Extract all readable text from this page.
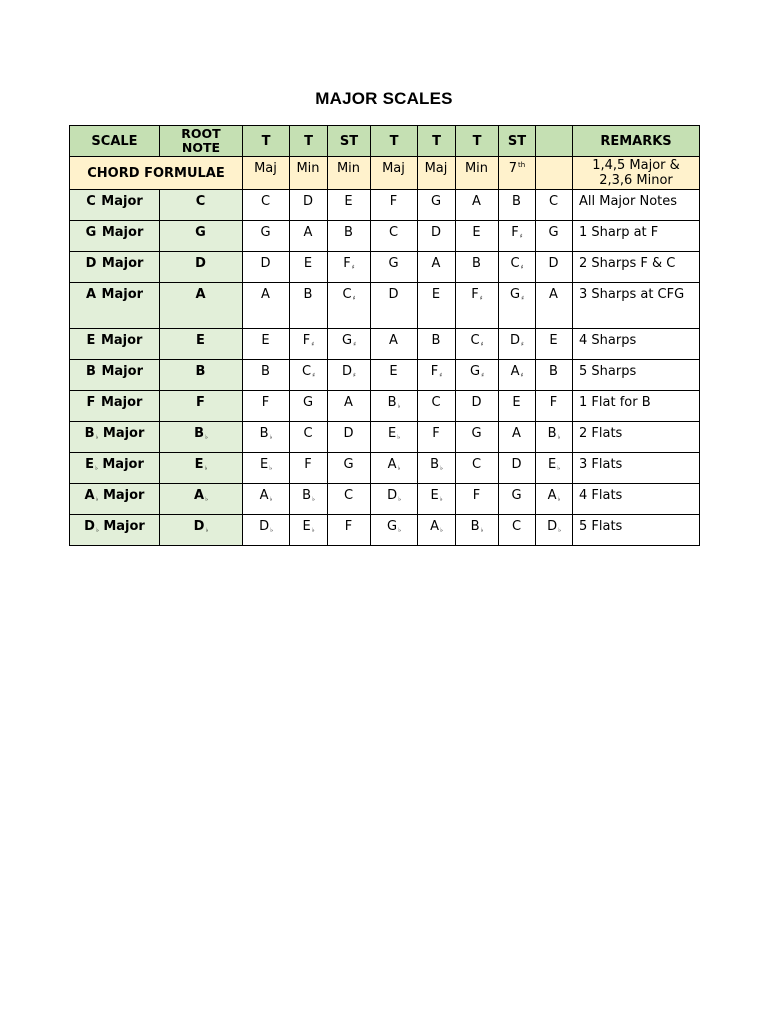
MAJOR SCALES
SCALE	ROOT NOTE	T	T	ST	T	T	T	ST		REMARKS
CHORD FORMULAE		Maj	Min	Min	Maj	Maj	Min	7th		1,4,5 Major & 2,3,6 Minor
C Major	C	C	D	E	F	G	A	B	C	All Major Notes
G Major	G	G	A	B	C	D	E	F♯	G	1 Sharp at F
D Major	D	D	E	F♯	G	A	B	C♯	D	2 Sharps F & C
A Major	A	A	B	C♯	D	E	F♯	G♯	A	3 Sharps at CFG
E Major	E	E	F♯	G♯	A	B	C♯	D♯	E	4 Sharps
B Major	B	B	C♯	D♯	E	F♯	G♯	A♯	B	5 Sharps
F Major	F	F	G	A	B♭	C	D	E	F	1 Flat for B
B♭ Major	B♭	B♭	C	D	E♭	F	G	A	B♭	2 Flats
E♭ Major	E♭	E♭	F	G	A♭	B♭	C	D	E♭	3 Flats
A♭ Major	A♭	A♭	B♭	C	D♭	E♭	F	G	A♭	4 Flats
D♭ Major	D♭	D♭	E♭	F	G♭	A♭	B♭	C	D♭	5 Flats
